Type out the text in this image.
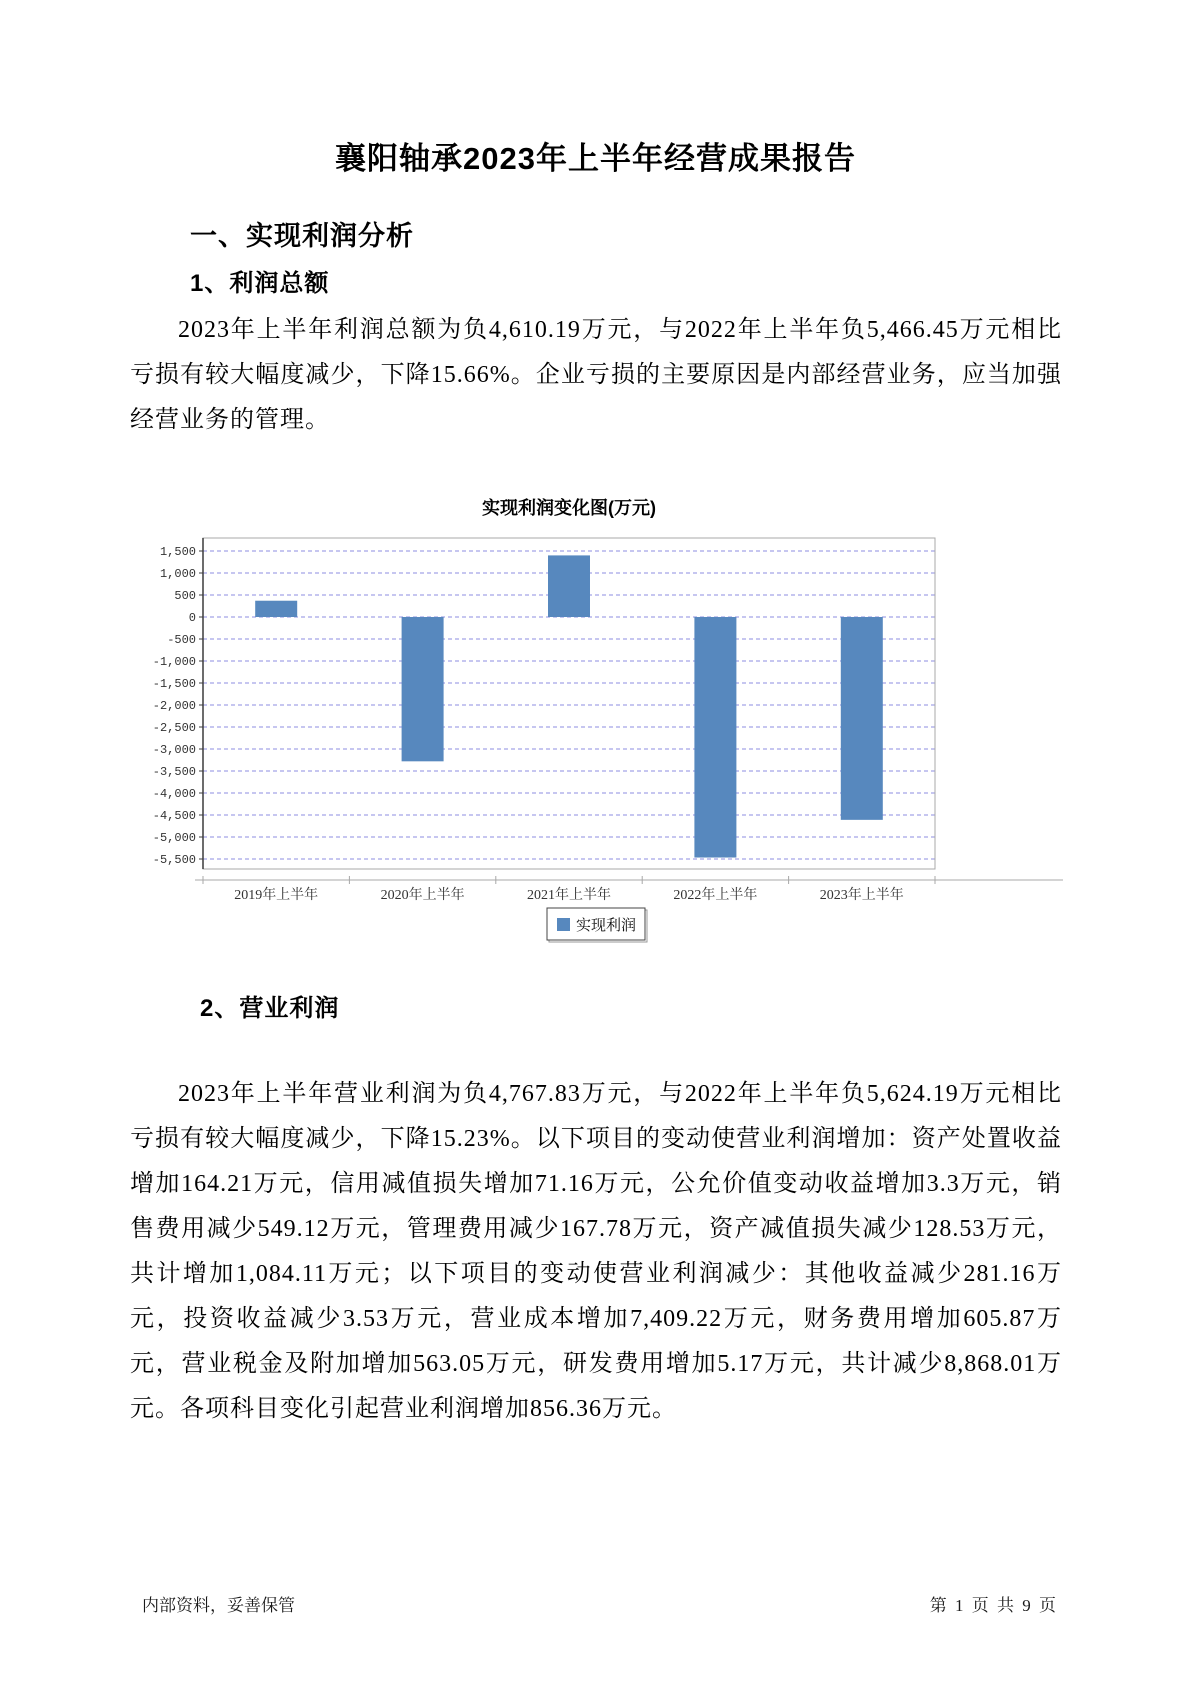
襄阳轴承2023年上半年经营成果报告
一、实现利润分析
1、利润总额
2023年上半年利润总额为负4,610.19万元，与2022年上半年负5,466.45万元相比亏损有较大幅度减少，下降15.66%。企业亏损的主要原因是内部经营业务，应当加强经营业务的管理。
实现利润变化图(万元)
1,500
1,000
500
0
-500
-1,000
-1,500
-2,000
-2,500
-3,000
-3,500
-4,000
-4,500
-5,000
-5,500
2019年上半年	2020年上半年	2021年上半年	2022年上半年	2023年上半年
实现利润
2、营业利润
2023年上半年营业利润为负4,767.83万元，与2022年上半年负5,624.19万元相比亏损有较大幅度减少，下降15.23%。以下项目的变动使营业利润增加：资产处置收益增加164.21万元，信用减值损失增加71.16万元，公允价值变动收益增加3.3万元，销售费用减少549.12万元，管理费用减少167.78万元，资产减值损失减少128.53万元，共计增加1,084.11万元；以下项目的变动使营业利润减少：其他收益减少281.16万元，投资收益减少3.53万元，营业成本增加7,409.22万元，财务费用增加605.87万元，营业税金及附加增加563.05万元，研发费用增加5.17万元，共计减少8,868.01万元。各项科目变化引起营业利润增加856.36万元。
内部资料，妥善保管	第 1 页 共 9 页
